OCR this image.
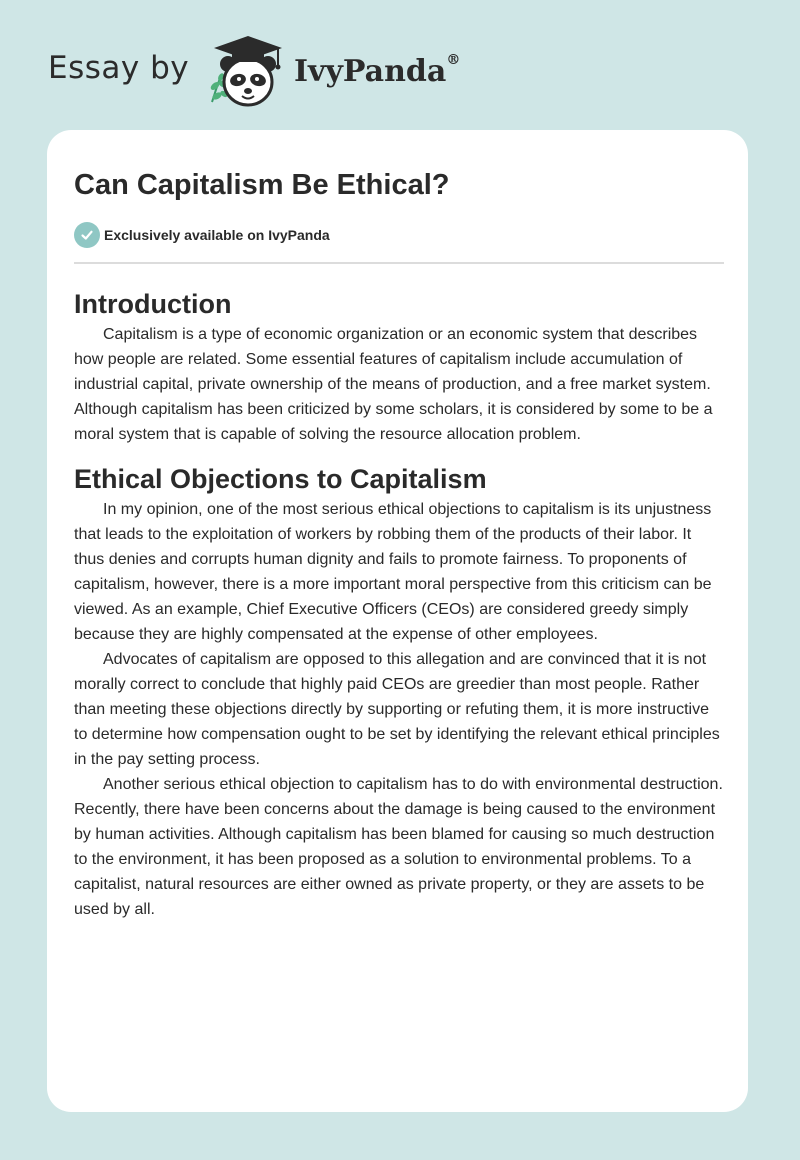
Essay by	IvyPanda®
Can Capitalism Be Ethical?
Exclusively available on IvyPanda
Introduction

Capitalism is a type of economic organization or an economic system that describes how people are related. Some essential features of capitalism include accumulation of industrial capital, private ownership of the means of production, and a free market system. Although capitalism has been criticized by some scholars, it is considered by some to be a moral system that is capable of solving the resource allocation problem.

Ethical Objections to Capitalism

In my opinion, one of the most serious ethical objections to capitalism is its unjustness that leads to the exploitation of workers by robbing them of the products of their labor. It thus denies and corrupts human dignity and fails to promote fairness. To proponents of capitalism, however, there is a more important moral perspective from this criticism can be viewed. As an example, Chief Executive Officers (CEOs) are considered greedy simply because they are highly compensated at the expense of other employees.

Advocates of capitalism are opposed to this allegation and are convinced that it is not morally correct to conclude that highly paid CEOs are greedier than most people. Rather than meeting these objections directly by supporting or refuting them, it is more instructive to determine how compensation ought to be set by identifying the relevant ethical principles in the pay setting process.

Another serious ethical objection to capitalism has to do with environmental destruction. Recently, there have been concerns about the damage is being caused to the environment by human activities. Although capitalism has been blamed for causing so much destruction to the environment, it has been proposed as a solution to environmental problems. To a capitalist, natural resources are either owned as private property, or they are assets to be used by all.
